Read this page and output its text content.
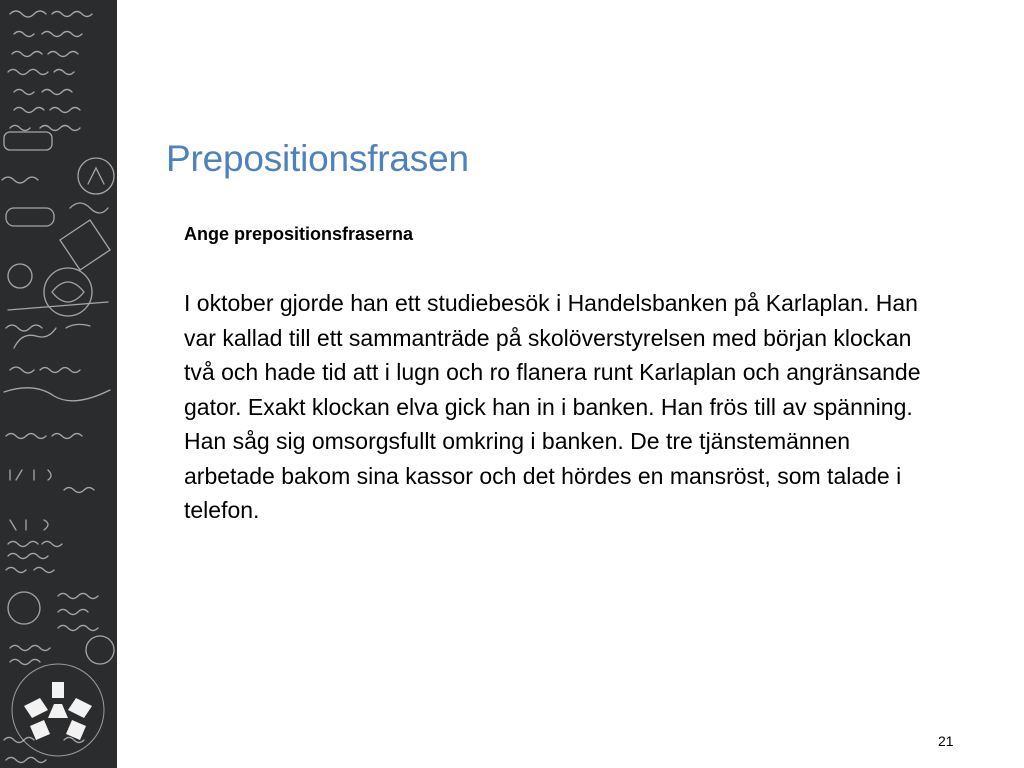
Prepositionsfrasen
Ange prepositionsfraserna

I oktober gjorde han ett studiebesök i Handelsbanken på Karlaplan. Han var kallad till ett sammanträde på skolöverstyrelsen med början klockan två och hade tid att i lugn och ro flanera runt Karlaplan och angränsande gator. Exakt klockan elva gick han in i banken. Han frös till av spänning. Han såg sig omsorgsfullt omkring i banken. De tre tjänstemännen arbetade bakom sina kassor och det hördes en mansröst, som talade i telefon.

21
